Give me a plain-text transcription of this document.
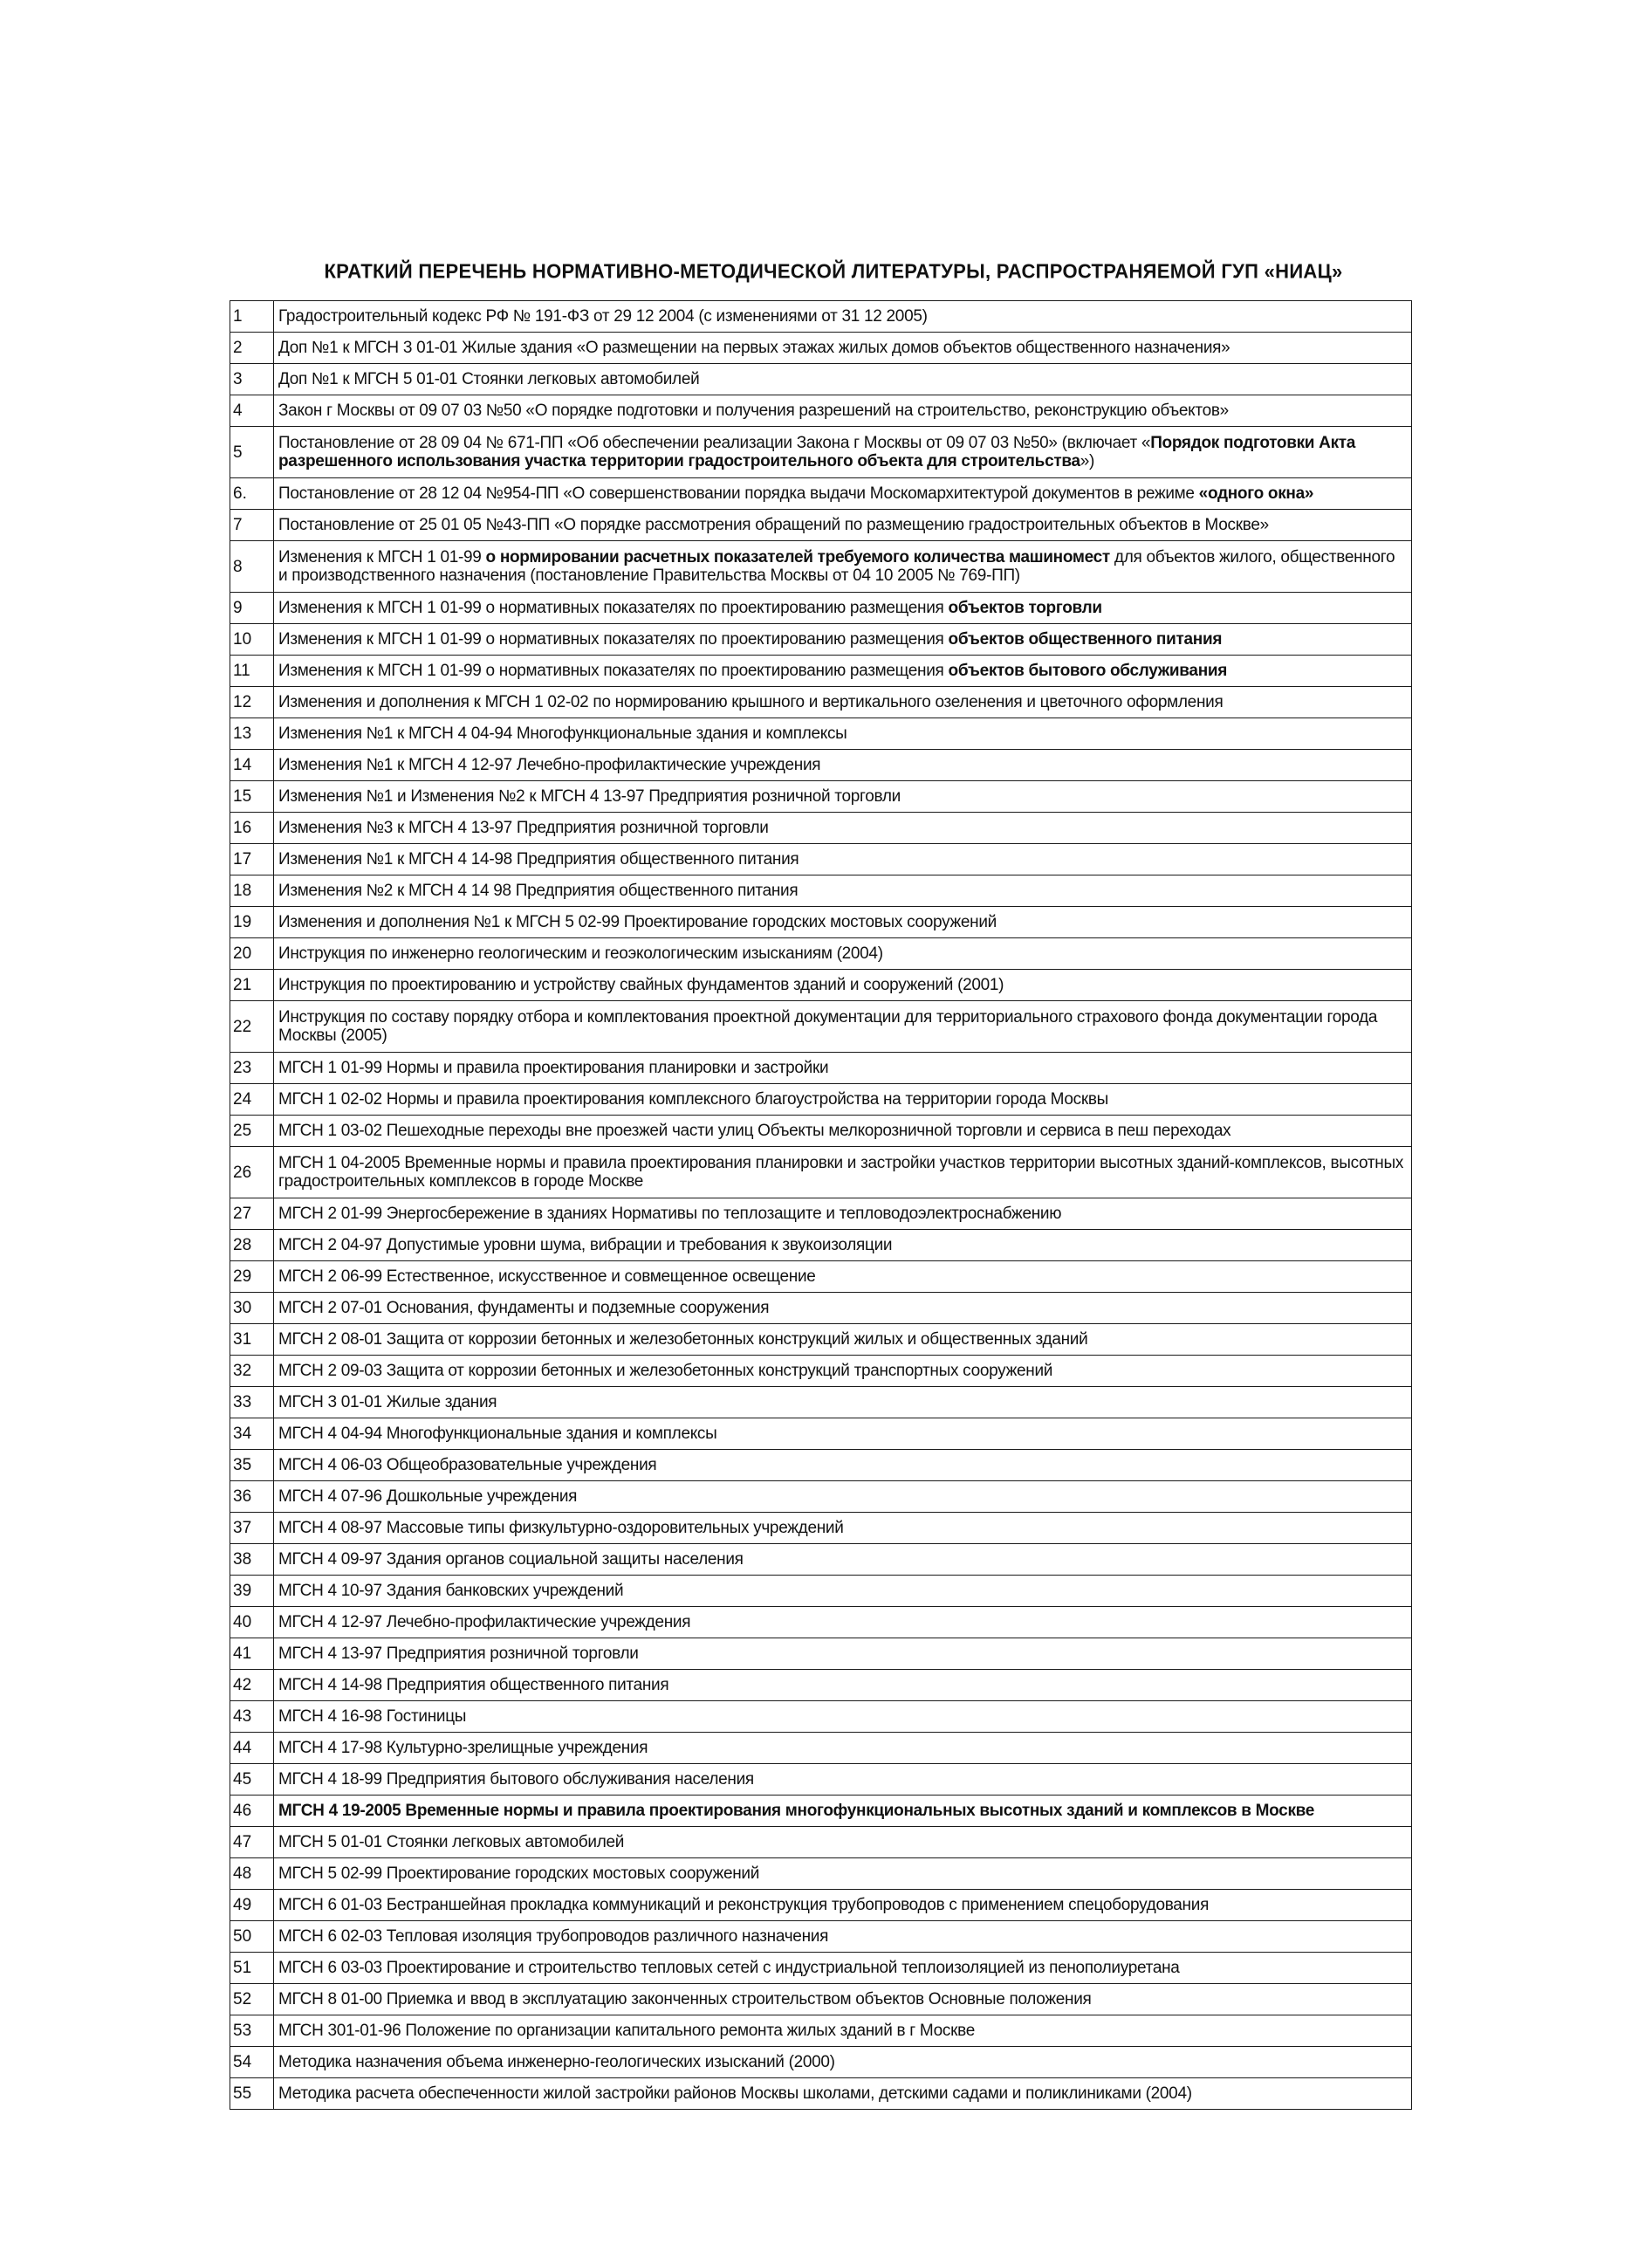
КРАТКИЙ ПЕРЕЧЕНЬ НОРМАТИВНО-МЕТОДИЧЕСКОЙ ЛИТЕРАТУРЫ, РАСПРОСТРАНЯЕМОЙ ГУП «НИАЦ»
1	Градостроительный кодекс РФ № 191-ФЗ от 29 12 2004 (с изменениями от 31 12 2005)
2	Доп №1 к МГСН 3 01-01 Жилые здания «О размещении на первых этажах жилых домов объектов общественного назначения»
3	Доп №1 к МГСН 5 01-01 Стоянки легковых автомобилей
4	Закон г Москвы от 09 07 03 №50 «О порядке подготовки и получения разрешений на строительство, реконструкцию объектов»
5	Постановление от 28 09 04 № 671-ПП «Об обеспечении реализации Закона г Москвы от 09 07 03 №50» (включает «Порядок подготовки Акта разрешенного использования участка территории градостроительного объекта для строительства»)
6.	Постановление от 28 12 04 №954-ПП «О совершенствовании порядка выдачи Москомархитектурой документов в режиме «одного окна»
7	Постановление от 25 01 05 №43-ПП «О порядке рассмотрения обращений по размещению градостроительных объектов в Москве»
8	Изменения к МГСН 1 01-99 о нормировании расчетных показателей требуемого количества машиномест для объектов жилого, общественного и производственного назначения (постановление Правительства Москвы от 04 10 2005 № 769-ПП)
9	Изменения к МГСН 1 01-99 о нормативных показателях по проектированию размещения объектов торговли
10	Изменения к МГСН 1 01-99 о нормативных показателях по проектированию размещения объектов общественного питания
11	Изменения к МГСН 1 01-99 о нормативных показателях по проектированию размещения объектов бытового обслуживания
12	Изменения и дополнения к МГСН 1 02-02 по нормированию крышного и вертикального озеленения и цветочного оформления
13	Изменения №1 к МГСН 4 04-94 Многофункциональные здания и комплексы
14	Изменения №1 к МГСН 4 12-97 Лечебно-профилактические учреждения
15	Изменения №1 и Изменения №2 к МГСН 4 13-97 Предприятия розничной торговли
16	Изменения №3 к МГСН 4 13-97 Предприятия розничной торговли
17	Изменения №1 к МГСН 4 14-98 Предприятия общественного питания
18	Изменения №2 к МГСН 4 14 98 Предприятия общественного питания
19	Изменения и дополнения №1 к МГСН 5 02-99 Проектирование городских мостовых сооружений
20	Инструкция по инженерно геологическим и геоэкологическим изысканиям (2004)
21	Инструкция по проектированию и устройству свайных фундаментов зданий и сооружений (2001)
22	Инструкция по составу порядку отбора и комплектования проектной документации для территориального страхового фонда документации города Москвы (2005)
23	МГСН 1 01-99 Нормы и правила проектирования планировки и застройки
24	МГСН 1 02-02 Нормы и правила проектирования комплексного благоустройства на территории города Москвы
25	МГСН 1 03-02 Пешеходные переходы вне проезжей части улиц Объекты мелкорозничной торговли и сервиса в пеш переходах
26	МГСН 1 04-2005 Временные нормы и правила проектирования планировки и застройки участков территории высотных зданий-комплексов, высотных градостроительных комплексов в городе Москве
27	МГСН 2 01-99 Энергосбережение в зданиях Нормативы по теплозащите и тепловодоэлектроснабжению
28	МГСН 2 04-97 Допустимые уровни шума, вибрации и требования к звукоизоляции
29	МГСН 2 06-99 Естественное, искусственное и совмещенное освещение
30	МГСН 2 07-01 Основания, фундаменты и подземные сооружения
31	МГСН 2 08-01 Защита от коррозии бетонных и железобетонных конструкций жилых и общественных зданий
32	МГСН 2 09-03 Защита от коррозии бетонных и железобетонных конструкций транспортных сооружений
33	МГСН 3 01-01 Жилые здания
34	МГСН 4 04-94 Многофункциональные здания и комплексы
35	МГСН 4 06-03 Общеобразовательные учреждения
36	МГСН 4 07-96 Дошкольные учреждения
37	МГСН 4 08-97 Массовые типы физкультурно-оздоровительных учреждений
38	МГСН 4 09-97 Здания органов социальной защиты населения
39	МГСН 4 10-97 Здания банковских учреждений
40	МГСН 4 12-97 Лечебно-профилактические учреждения
41	МГСН 4 13-97 Предприятия розничной торговли
42	МГСН 4 14-98 Предприятия общественного питания
43	МГСН 4 16-98 Гостиницы
44	МГСН 4 17-98 Культурно-зрелищные учреждения
45	МГСН 4 18-99 Предприятия бытового обслуживания населения
46	МГСН 4 19-2005 Временные нормы и правила проектирования многофункциональных высотных зданий и комплексов в Москве
47	МГСН 5 01-01 Стоянки легковых автомобилей
48	МГСН 5 02-99 Проектирование городских мостовых сооружений
49	МГСН 6 01-03 Бестраншейная прокладка коммуникаций и реконструкция трубопроводов с применением спецоборудования
50	МГСН 6 02-03 Тепловая изоляция трубопроводов различного назначения
51	МГСН 6 03-03 Проектирование и строительство тепловых сетей с индустриальной теплоизоляцией из пенополиуретана
52	МГСН 8 01-00 Приемка и ввод в эксплуатацию законченных строительством объектов Основные положения
53	МГСН 301-01-96 Положение по организации капитального ремонта жилых зданий в г Москве
54	Методика назначения объема инженерно-геологических изысканий (2000)
55	Методика расчета обеспеченности жилой застройки районов Москвы школами, детскими садами и поликлиниками (2004)
